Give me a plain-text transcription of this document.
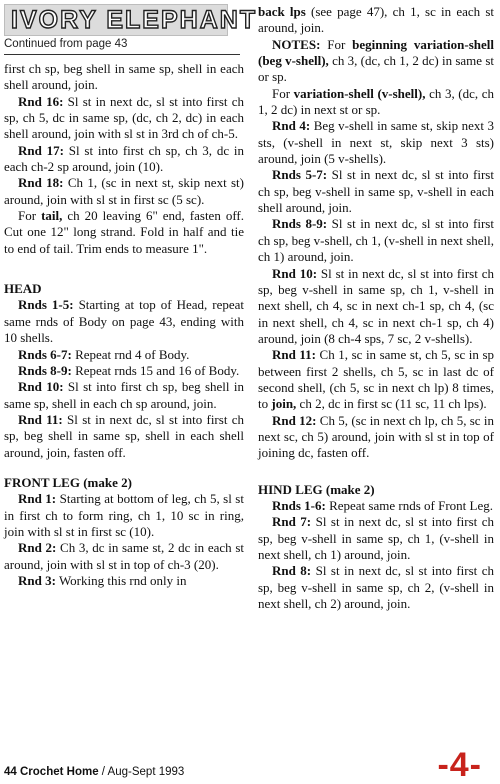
IVORY ELEPHANT
Continued from page 43

first ch sp, beg shell in same sp, shell in each shell around, join.

Rnd 16: Sl st in next dc, sl st into first ch sp, ch 5, dc in same sp, (dc, ch 2, dc) in each shell around, join with sl st in 3rd ch of ch-5.

Rnd 17: Sl st into first ch sp, ch 3, dc in each ch-2 sp around, join (10).

Rnd 18: Ch 1, (sc in next st, skip next st) around, join with sl st in first sc (5 sc).

For tail, ch 20 leaving 6" end, fasten off. Cut one 12" long strand. Fold in half and tie to end of tail. Trim ends to measure 1".

HEAD

Rnds 1-5: Starting at top of Head, repeat same rnds of Body on page 43, ending with 10 shells.

Rnds 6-7: Repeat rnd 4 of Body.

Rnds 8-9: Repeat rnds 15 and 16 of Body.

Rnd 10: Sl st into first ch sp, beg shell in same sp, shell in each ch sp around, join.

Rnd 11: Sl st in next dc, sl st into first ch sp, beg shell in same sp, shell in each shell around, join, fasten off.

FRONT LEG (make 2)

Rnd 1: Starting at bottom of leg, ch 5, sl st in first ch to form ring, ch 1, 10 sc in ring, join with sl st in first sc (10).

Rnd 2: Ch 3, dc in same st, 2 dc in each st around, join with sl st in top of ch-3 (20).

Rnd 3: Working this rnd only in

back lps (see page 47), ch 1, sc in each st around, join.

NOTES: For beginning variation-shell (beg v-shell), ch 3, (dc, ch 1, 2 dc) in same st or sp.

For variation-shell (v-shell), ch 3, (dc, ch 1, 2 dc) in next st or sp.

Rnd 4: Beg v-shell in same st, skip next 3 sts, (v-shell in next st, skip next 3 sts) around, join (5 v-shells).

Rnds 5-7: Sl st in next dc, sl st into first ch sp, beg v-shell in same sp, v-shell in each shell around, join.

Rnds 8-9: Sl st in next dc, sl st into first ch sp, beg v-shell, ch 1, (v-shell in next shell, ch 1) around, join.

Rnd 10: Sl st in next dc, sl st into first ch sp, beg v-shell in same sp, ch 1, v-shell in next shell, ch 4, sc in next ch-1 sp, ch 4, (sc in next shell, ch 4, sc in next ch-1 sp, ch 4) around, join (8 ch-4 sps, 7 sc, 2 v-shells).

Rnd 11: Ch 1, sc in same st, ch 5, sc in sp between first 2 shells, ch 5, sc in last dc of second shell, (ch 5, sc in next ch lp) 8 times, to join, ch 2, dc in first sc (11 sc, 11 ch lps).

Rnd 12: Ch 5, (sc in next ch lp, ch 5, sc in next sc, ch 5) around, join with sl st in top of joining dc, fasten off.

HIND LEG (make 2)

Rnds 1-6: Repeat same rnds of Front Leg.

Rnd 7: Sl st in next dc, sl st into first ch sp, beg v-shell in same sp, ch 1, (v-shell in next shell, ch 1) around, join.

Rnd 8: Sl st in next dc, sl st into first ch sp, beg v-shell in same sp, ch 2, (v-shell in next shell, ch 2) around, join.

44 Crochet Home / Aug-Sept 1993	-4-
